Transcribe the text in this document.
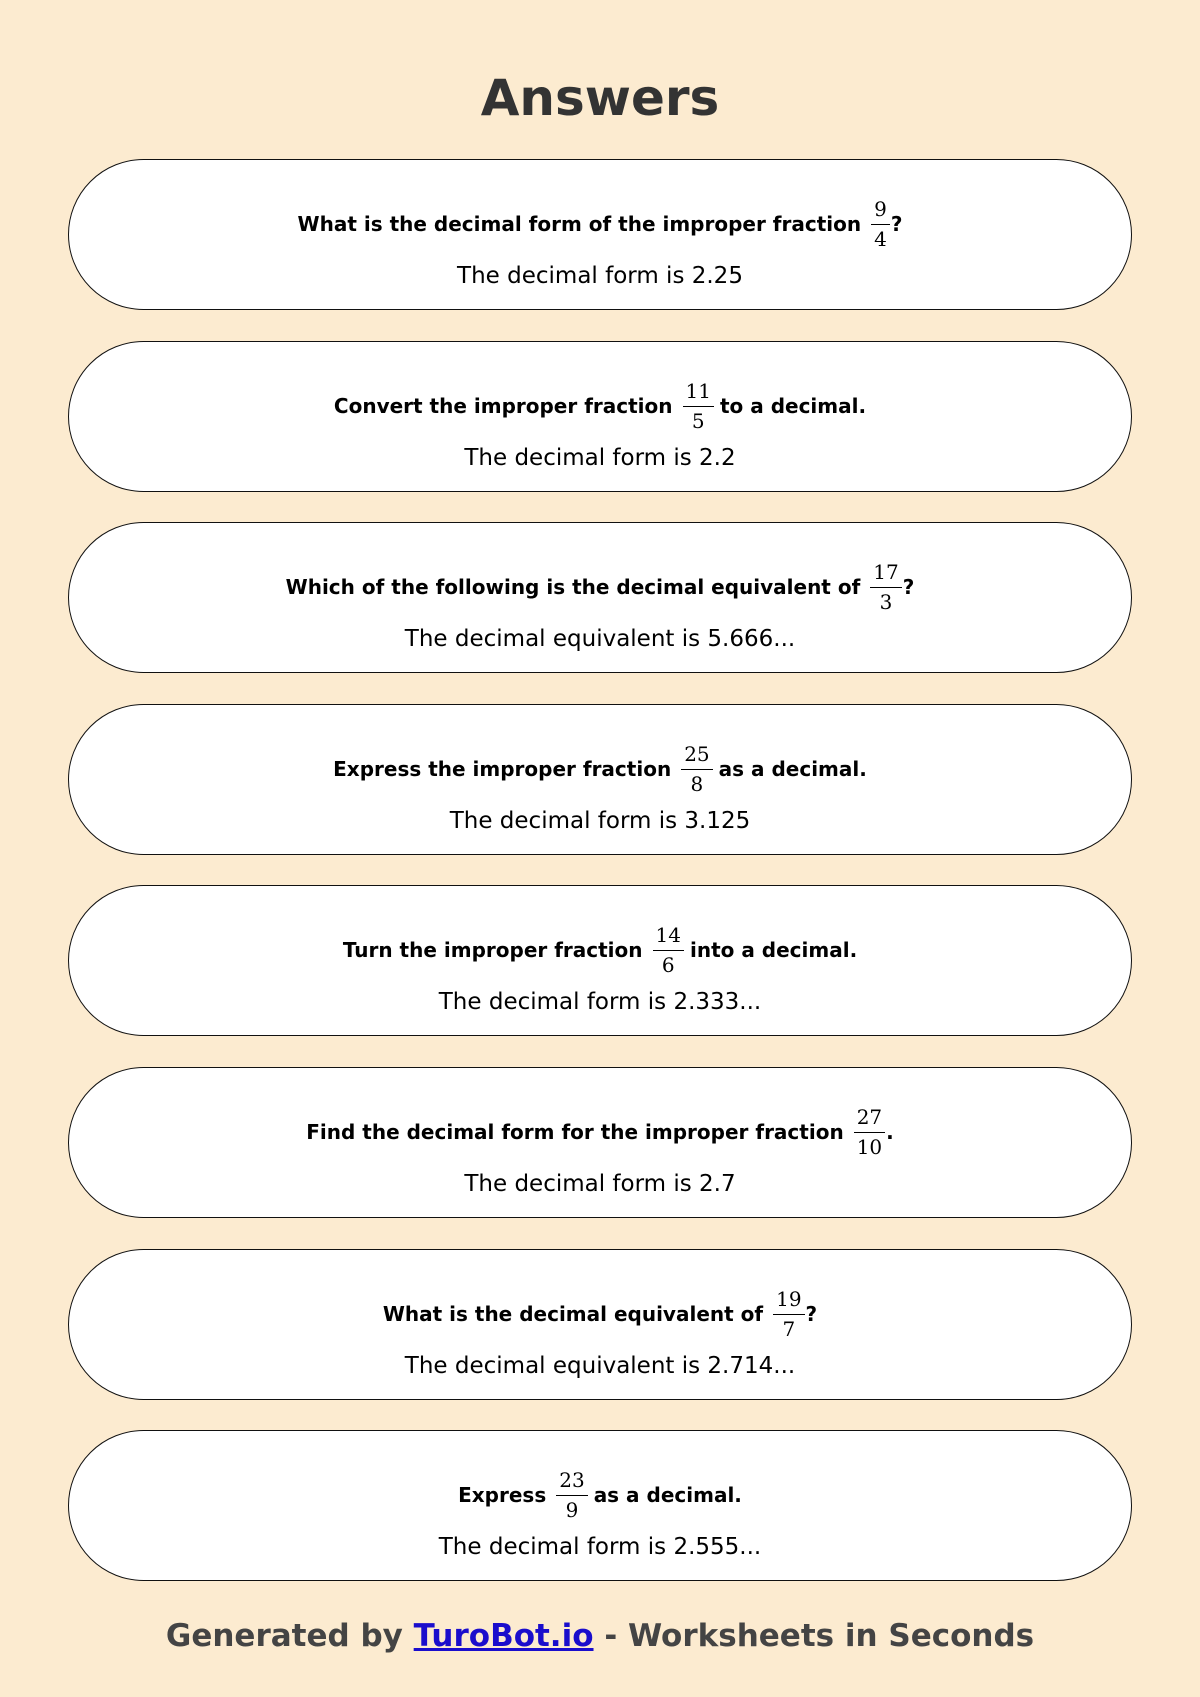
Answers
What is the decimal form of the improper fraction $\frac{9}{4}$ ?
The decimal form is 2.25
Convert the improper fraction $\frac{11}{5}$ to a decimal.
The decimal form is 2.2
Which of the following is the decimal equivalent of $\frac{17}{3}$ ?
The decimal equivalent is 5.666...
Express the improper fraction $\frac{25}{8}$ as a decimal.
The decimal form is 3.125
Turn the improper fraction $\frac{14}{6}$ into a decimal.
The decimal form is 2.333...
Find the decimal form for the improper fraction $\frac{27}{10}$ .
The decimal form is 2.7
What is the decimal equivalent of $\frac{19}{7}$ ?
The decimal equivalent is 2.714...
Express $\frac{23}{9}$ as a decimal.
The decimal form is 2.555...
Generated by TuroBot.io - Worksheets in Seconds
